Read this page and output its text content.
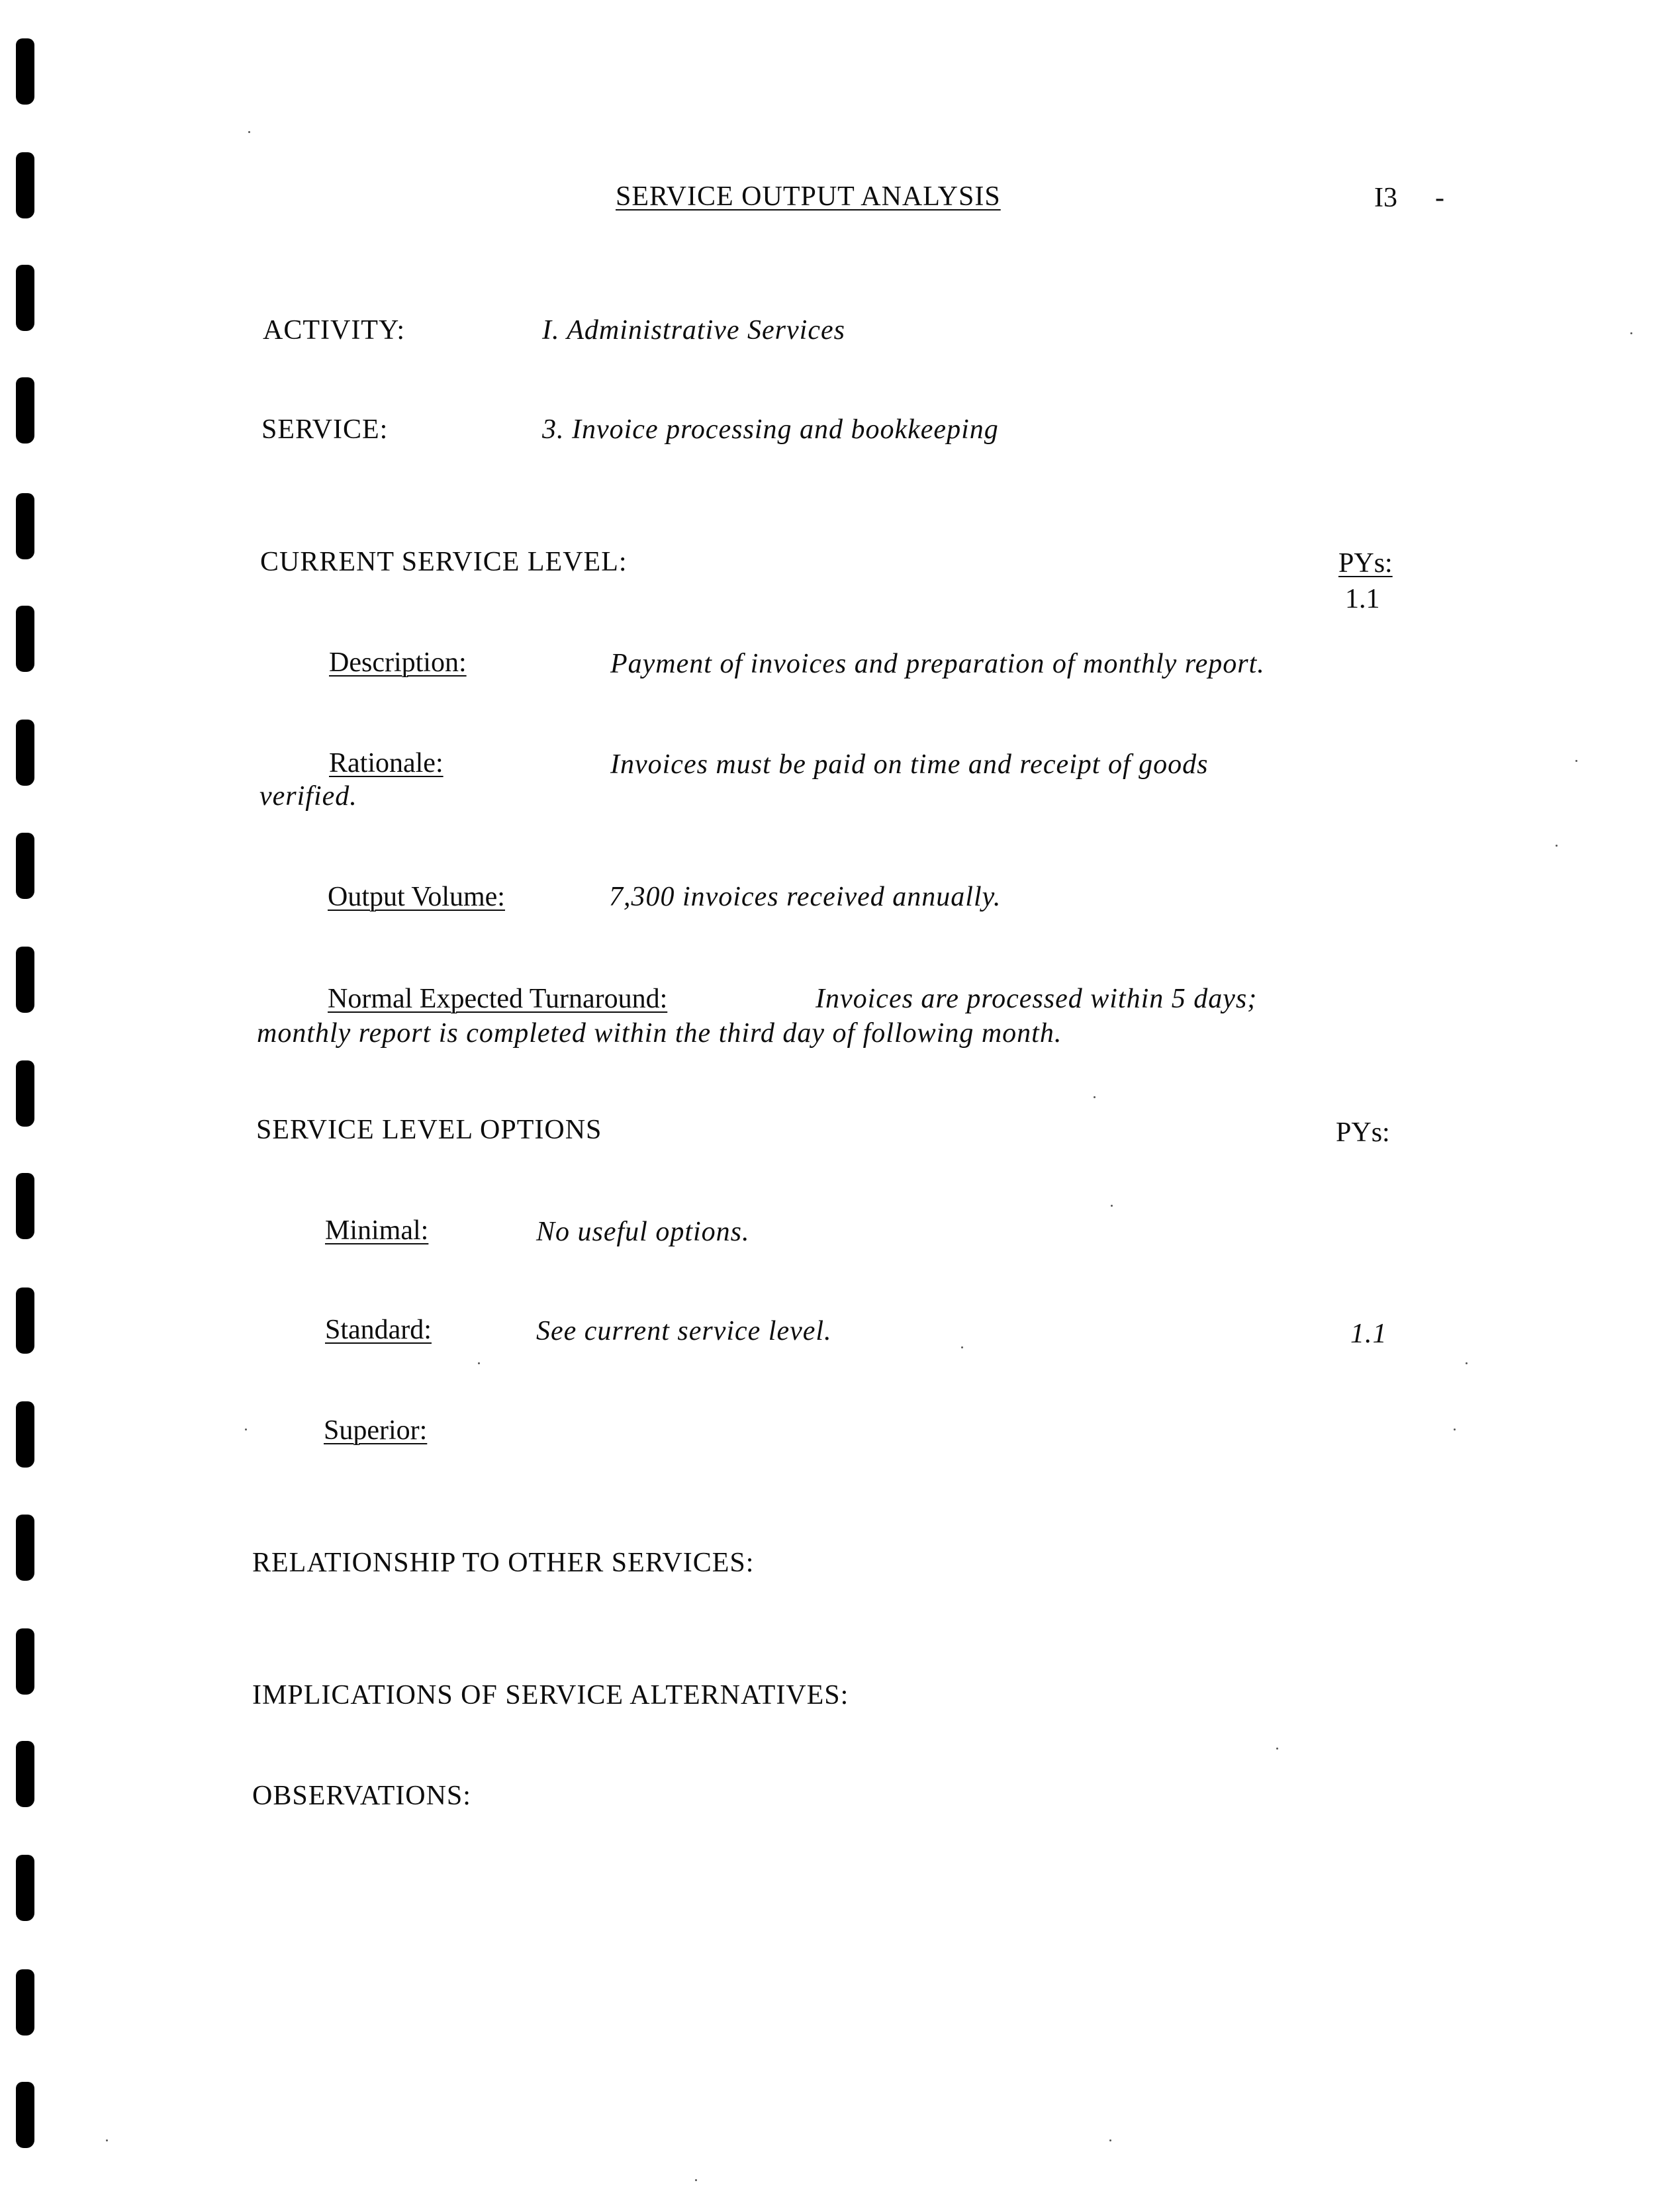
SERVICE OUTPUT ANALYSIS	I3 -
ACTIVITY:	I. Administrative Services
SERVICE:	3. Invoice processing and bookkeeping
CURRENT SERVICE LEVEL:	PYs:
1.1
Description:	Payment of invoices and preparation of monthly report.
Rationale:	Invoices must be paid on time and receipt of goods
verified.
Output Volume:	7,300 invoices received annually.
Normal Expected Turnaround:	Invoices are processed within 5 days;
monthly report is completed within the third day of following month.
SERVICE LEVEL OPTIONS	PYs:
Minimal:	No useful options.
Standard:	See current service level.	1.1
Superior:
RELATIONSHIP TO OTHER SERVICES:
IMPLICATIONS OF SERVICE ALTERNATIVES:
OBSERVATIONS:
